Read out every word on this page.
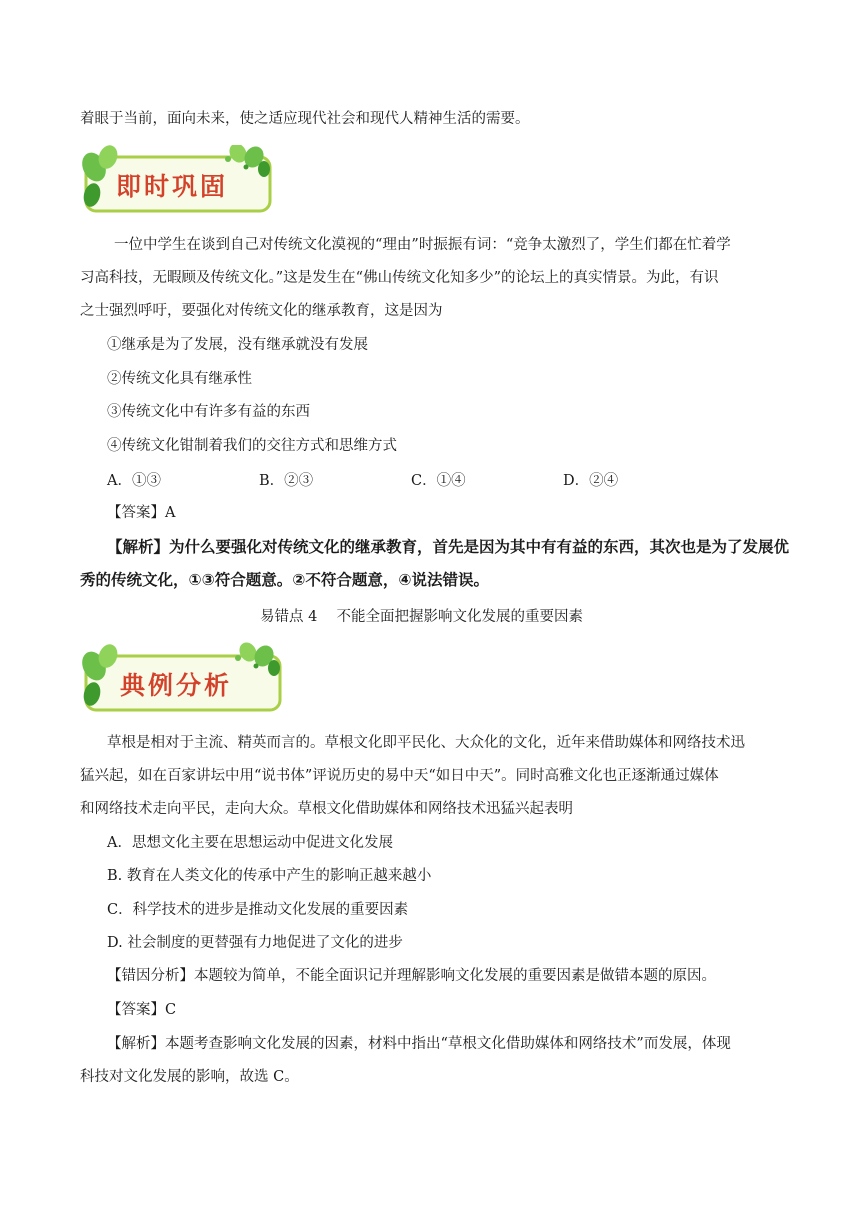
着眼于当前，面向未来，使之适应现代社会和现代人精神生活的需要。
即时巩固
一位中学生在谈到自己对传统文化漠视的“理由”时振振有词：“竞争太激烈了，学生们都在忙着学
习高科技，无暇顾及传统文化。”这是发生在“佛山传统文化知多少”的论坛上的真实情景。为此，有识
之士强烈呼吁，要强化对传统文化的继承教育，这是因为
①继承是为了发展，没有继承就没有发展
②传统文化具有继承性
③传统文化中有许多有益的东西
④传统文化钳制着我们的交往方式和思维方式
A．①③	B．②③	C．①④	D．②④
【答案】A
【解析】为什么要强化对传统文化的继承教育，首先是因为其中有有益的东西，其次也是为了发展优
秀的传统文化，①③符合题意。②不符合题意，④说法错误。
易错点 4　 不能全面把握影响文化发展的重要因素
典例分析
草根是相对于主流、精英而言的。草根文化即平民化、大众化的文化，近年来借助媒体和网络技术迅
猛兴起，如在百家讲坛中用“说书体”评说历史的易中天“如日中天”。同时高雅文化也正逐渐通过媒体
和网络技术走向平民，走向大众。草根文化借助媒体和网络技术迅猛兴起表明
A．思想文化主要在思想运动中促进文化发展
B. 教育在人类文化的传承中产生的影响正越来越小
C．科学技术的进步是推动文化发展的重要因素
D. 社会制度的更替强有力地促进了文化的进步
【错因分析】本题较为简单，不能全面识记并理解影响文化发展的重要因素是做错本题的原因。
【答案】C
【解析】本题考查影响文化发展的因素，材料中指出“草根文化借助媒体和网络技术”而发展，体现
科技对文化发展的影响，故选 C。
